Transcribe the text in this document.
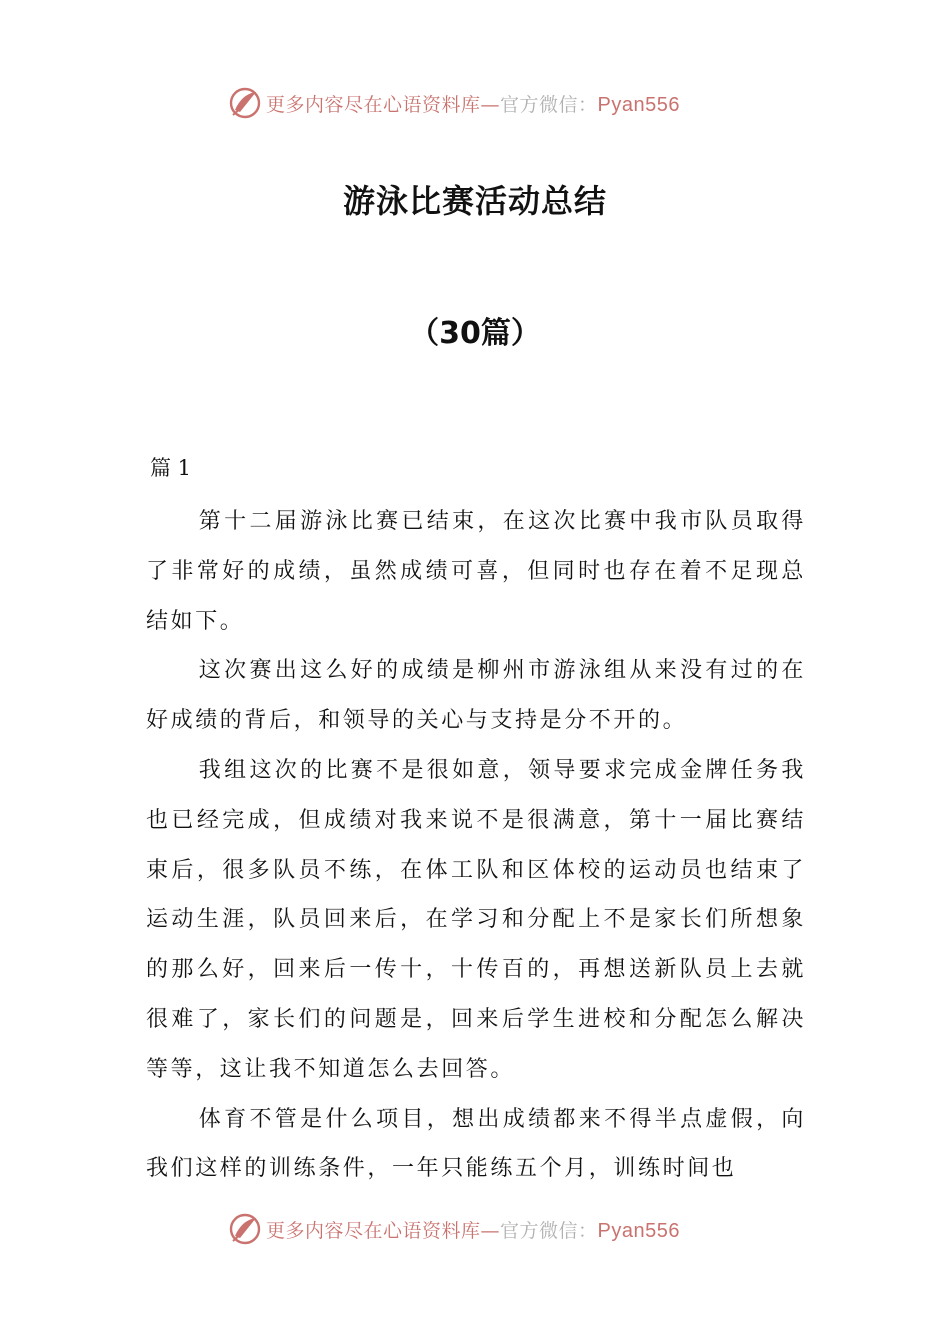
更多内容尽在心语资料库—官方微信：Pyan556
游泳比赛活动总结
（30篇）
篇 1

第十二届游泳比赛已结束，在这次比赛中我市队员取得了非常好的成绩，虽然成绩可喜，但同时也存在着不足现总结如下。

这次赛出这么好的成绩是柳州市游泳组从来没有过的在好成绩的背后，和领导的关心与支持是分不开的。

我组这次的比赛不是很如意，领导要求完成金牌任务我也已经完成，但成绩对我来说不是很满意，第十一届比赛结束后，很多队员不练，在体工队和区体校的运动员也结束了运动生涯，队员回来后，在学习和分配上不是家长们所想象的那么好，回来后一传十，十传百的，再想送新队员上去就很难了，家长们的问题是，回来后学生进校和分配怎么解决等等，这让我不知道怎么去回答。

体育不管是什么项目，想出成绩都来不得半点虚假，向我们这样的训练条件，一年只能练五个月，训练时间也

更多内容尽在心语资料库—官方微信：Pyan556
